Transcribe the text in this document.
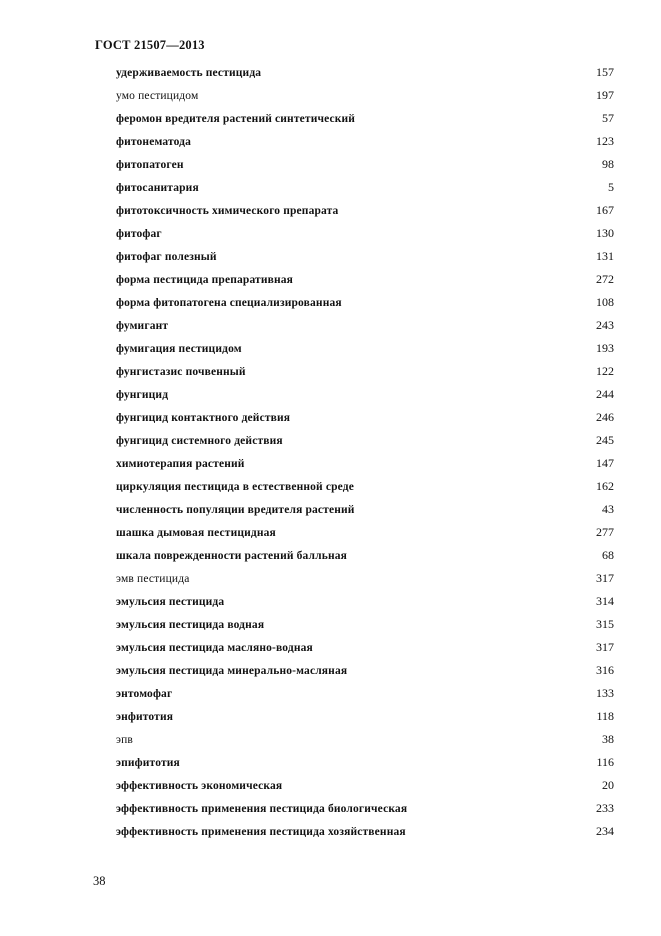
ГОСТ 21507—2013
удерживаемость пестицида	157
умо пестицидом	197
феромон вредителя растений синтетический	57
фитонематода	123
фитопатоген	98
фитосанитария	5
фитотоксичность химического препарата	167
фитофаг	130
фитофаг полезный	131
форма пестицида препаративная	272
форма фитопатогена специализированная	108
фумигант	243
фумигация пестицидом	193
фунгистазис почвенный	122
фунгицид	244
фунгицид контактного действия	246
фунгицид системного действия	245
химиотерапия растений	147
циркуляция пестицида в естественной среде	162
численность популяции вредителя растений	43
шашка дымовая пестицидная	277
шкала поврежденности растений балльная	68
эмв пестицида	317
эмульсия пестицида	314
эмульсия пестицида водная	315
эмульсия пестицида масляно-водная	317
эмульсия пестицида минерально-масляная	316
энтомофаг	133
энфитотия	118
эпв	38
эпифитотия	116
эффективность экономическая	20
эффективность применения пестицида биологическая	233
эффективность применения пестицида хозяйственная	234
38
